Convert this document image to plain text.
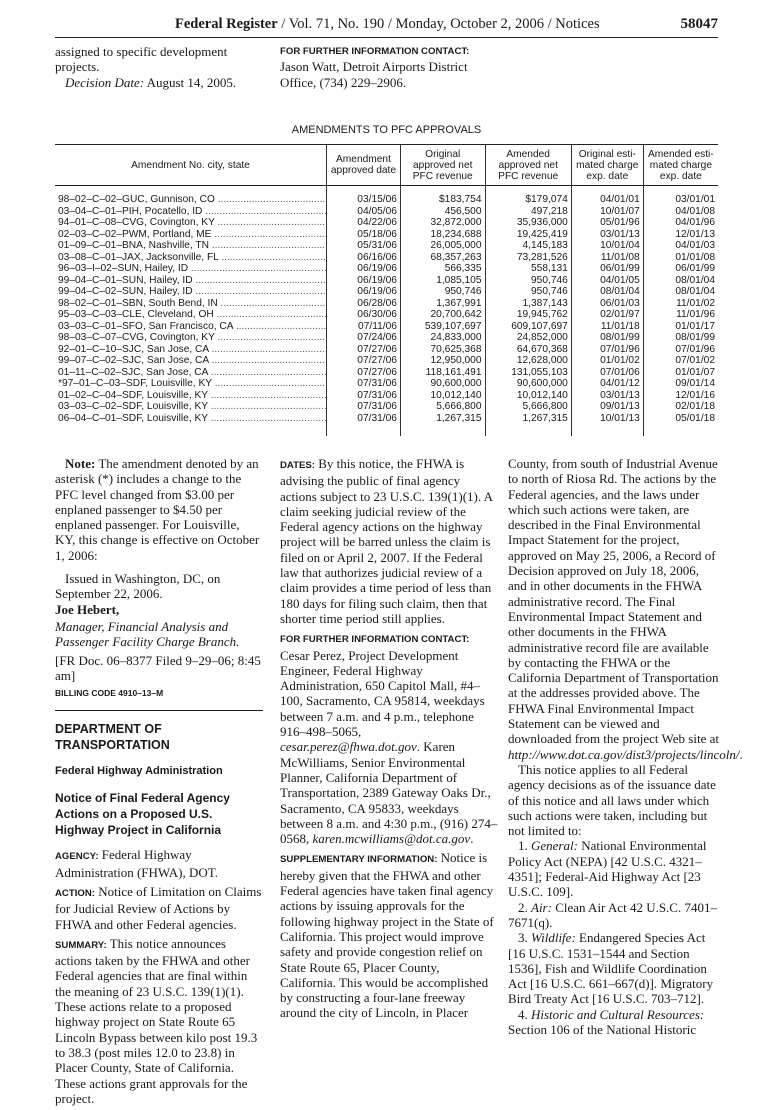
Federal Register / Vol. 71, No. 190 / Monday, October 2, 2006 / Notices	58047

assigned to specific development projects.

Decision Date: August 14, 2005.

FOR FURTHER INFORMATION CONTACT:
Jason Watt, Detroit Airports District Office, (734) 229–2906.
AMENDMENTS TO PFC APPROVALS
Amendment No. city, state	Amendment approved date	Original approved net PFC revenue	Amended approved net PFC revenue	Original esti-mated charge exp. date	Amended esti-mated charge exp. date
98–02–C–02–GUC, Gunnison, CO .....	03/15/06	$183,754	$179,074	04/01/01	03/01/01
03–04–C–01–PIH, Pocatello, ID .....	04/05/06	456,500	497,218	10/01/07	04/01/08
94–01–C–08–CVG, Covington, KY .....	04/22/06	32,872,000	35,936,000	05/01/96	04/01/96
02–03–C–02–PWM, Portland, ME .....	05/18/06	18,234,688	19,425,419	03/01/13	12/01/13
01–09–C–01–BNA, Nashville, TN .....	05/31/06	26,005,000	4,145,183	10/01/04	04/01/03
03–08–C–01–JAX, Jacksonville, FL .....	06/16/06	68,357,263	73,281,526	11/01/08	01/01/08
96–03–I–02–SUN, Hailey, ID .....	06/19/06	566,335	558,131	06/01/99	06/01/99
99–04–C–01–SUN, Hailey, ID .....	06/19/06	1,085,105	950,746	04/01/05	08/01/04
99–04–C–02–SUN, Hailey, ID .....	06/19/06	950,746	950,746	08/01/04	08/01/04
98–02–C–01–SBN, South Bend, IN .....	06/28/06	1,367,991	1,387,143	06/01/03	11/01/02
95–03–C–03–CLE, Cleveland, OH .....	06/30/06	20,700,642	19,945,762	02/01/97	11/01/96
03–03–C–01–SFO, San Francisco, CA .....	07/11/06	539,107,697	609,107,697	11/01/18	01/01/17
98–03–C–07–CVG, Covington, KY .....	07/24/06	24,833,000	24,852,000	08/01/99	08/01/99
92–01–C–10–SJC, San Jose, CA .....	07/27/06	70,625,368	64,670,368	07/01/96	07/01/96
99–07–C–02–SJC, San Jose, CA .....	07/27/06	12,950,000	12,628,000	01/01/02	07/01/02
01–11–C–02–SJC, San Jose, CA .....	07/27/06	118,161,491	131,055,103	07/01/06	01/01/07
*97–01–C–03–SDF, Louisville, KY .....	07/31/06	90,600,000	90,600,000	04/01/12	09/01/14
01–02–C–04–SDF, Louisville, KY .....	07/31/06	10,012,140	10,012,140	03/01/13	12/01/16
03–03–C–02–SDF, Louisville, KY .....	07/31/06	5,666,800	5,666,800	09/01/13	02/01/18
06–04–C–01–SDF, Louisville, KY .....	07/31/06	1,267,315	1,267,315	10/01/13	05/01/18

Note: The amendment denoted by an asterisk (*) includes a change to the PFC level changed from $3.00 per enplaned passenger to $4.50 per enplaned passenger. For Louisville, KY, this change is effective on October 1, 2006:

Issued in Washington, DC, on September 22, 2006.

Joe Hebert,

Manager, Financial Analysis and Passenger Facility Charge Branch.

[FR Doc. 06–8377 Filed 9–29–06; 8:45 am]

BILLING CODE 4910–13–M
DEPARTMENT OF TRANSPORTATION
Federal Highway Administration
Notice of Final Federal Agency Actions on a Proposed U.S. Highway Project in California

AGENCY: Federal Highway Administration (FHWA), DOT.

ACTION: Notice of Limitation on Claims for Judicial Review of Actions by FHWA and other Federal agencies.

SUMMARY: This notice announces actions taken by the FHWA and other Federal agencies that are final within the meaning of 23 U.S.C. 139(1)(1). These actions relate to a proposed highway project on State Route 65 Lincoln Bypass between kilo post 19.3 to 38.3 (post miles 12.0 to 23.8) in Placer County, State of California. These actions grant approvals for the project.

DATES: By this notice, the FHWA is advising the public of final agency actions subject to 23 U.S.C. 139(1)(1). A claim seeking judicial review of the Federal agency actions on the highway project will be barred unless the claim is filed on or April 2, 2007. If the Federal law that authorizes judicial review of a claim provides a time period of less than 180 days for filing such claim, then that shorter time period still applies.

FOR FURTHER INFORMATION CONTACT:
Cesar Perez, Project Development Engineer, Federal Highway Administration, 650 Capitol Mall, #4–100, Sacramento, CA 95814, weekdays between 7 a.m. and 4 p.m., telephone 916–498–5065, cesar.perez@fhwa.dot.gov. Karen McWilliams, Senior Environmental Planner, California Department of Transportation, 2389 Gateway Oaks Dr., Sacramento, CA 95833, weekdays between 8 a.m. and 4:30 p.m., (916) 274–0568, karen.mcwilliams@dot.ca.gov.

SUPPLEMENTARY INFORMATION: Notice is hereby given that the FHWA and other Federal agencies have taken final agency actions by issuing approvals for the following highway project in the State of California. This project would improve safety and provide congestion relief on State Route 65, Placer County, California. This would be accomplished by constructing a four-lane freeway around the city of Lincoln, in Placer

County, from south of Industrial Avenue to north of Riosa Rd. The actions by the Federal agencies, and the laws under which such actions were taken, are described in the Final Environmental Impact Statement for the project, approved on May 25, 2006, a Record of Decision approved on July 18, 2006, and in other documents in the FHWA administrative record. The Final Environmental Impact Statement and other documents in the FHWA administrative record file are available by contacting the FHWA or the California Department of Transportation at the addresses provided above. The FHWA Final Environmental Impact Statement can be viewed and downloaded from the project Web site at http://www.dot.ca.gov/dist3/projects/lincoln/.

This notice applies to all Federal agency decisions as of the issuance date of this notice and all laws under which such actions were taken, including but not limited to:

1. General: National Environmental Policy Act (NEPA) [42 U.S.C. 4321–4351]; Federal-Aid Highway Act [23 U.S.C. 109].

2. Air: Clean Air Act 42 U.S.C. 7401–7671(q).

3. Wildlife: Endangered Species Act [16 U.S.C. 1531–1544 and Section 1536], Fish and Wildlife Coordination Act [16 U.S.C. 661–667(d)]. Migratory Bird Treaty Act [16 U.S.C. 703–712].

4. Historic and Cultural Resources: Section 106 of the National Historic
